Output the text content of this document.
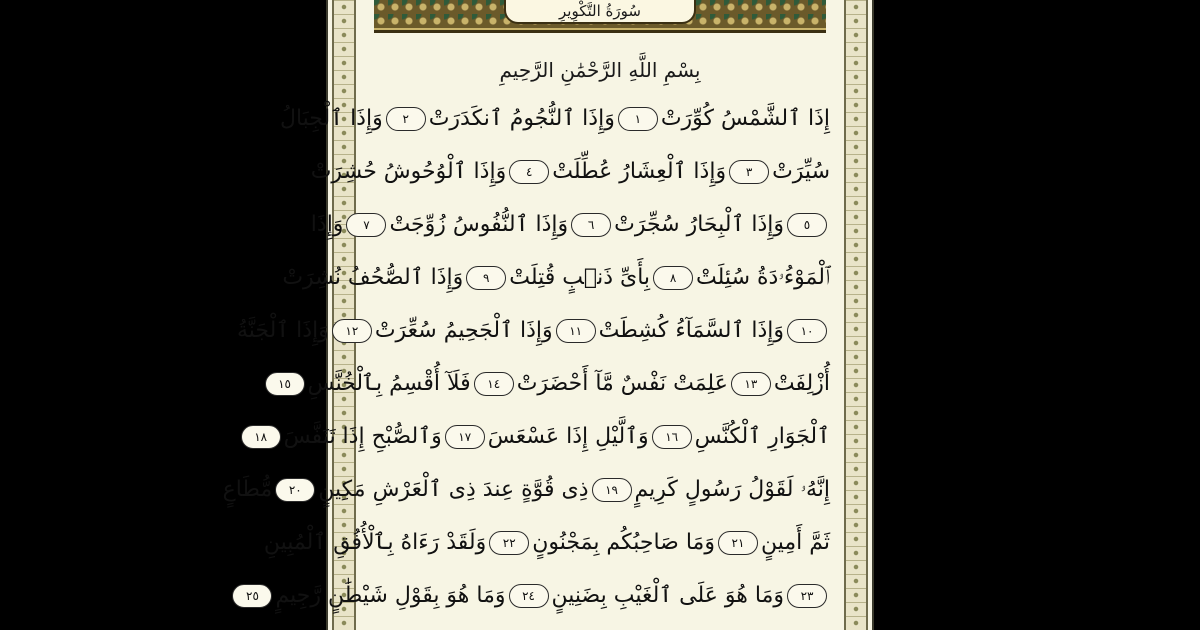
سُورَةُ التَّكْوِيرِ
بِسْمِ اللَّهِ الرَّحْمَٰنِ الرَّحِيمِ
إِذَا ٱلشَّمْسُ كُوِّرَتْ
١
وَإِذَا ٱلنُّجُومُ ٱنكَدَرَتْ
٢
وَإِذَا ٱلْجِبَالُ
سُيِّرَتْ
٣
وَإِذَا ٱلْعِشَارُ عُطِّلَتْ
٤
وَإِذَا ٱلْوُحُوشُ حُشِرَتْ
٥
وَإِذَا ٱلْبِحَارُ سُجِّرَتْ
٦
وَإِذَا ٱلنُّفُوسُ زُوِّجَتْ
٧
وَإِذَا
ٱلْمَوْءُۥدَةُ سُئِلَتْ
٨
بِأَىِّ ذَنۢبٍ قُتِلَتْ
٩
وَإِذَا ٱلصُّحُفُ نُشِرَتْ
١٠
وَإِذَا ٱلسَّمَآءُ كُشِطَتْ
١١
وَإِذَا ٱلْجَحِيمُ سُعِّرَتْ
١٢
وَإِذَا ٱلْجَنَّةُ
أُزْلِفَتْ
١٣
عَلِمَتْ نَفْسٌ مَّآ أَحْضَرَتْ
١٤
فَلَآ أُقْسِمُ بِٱلْخُنَّسِ
١٥
ٱلْجَوَارِ ٱلْكُنَّسِ
١٦
وَٱلَّيْلِ إِذَا عَسْعَسَ
١٧
وَٱلصُّبْحِ إِذَا تَنَفَّسَ
١٨
إِنَّهُۥ لَقَوْلُ رَسُولٍ كَرِيمٍ
١٩
ذِى قُوَّةٍ عِندَ ذِى ٱلْعَرْشِ مَكِينٍ
٢٠
مُّطَاعٍ
ثَمَّ أَمِينٍ
٢١
وَمَا صَاحِبُكُم بِمَجْنُونٍ
٢٢
وَلَقَدْ رَءَاهُ بِٱلْأُفُقِ ٱلْمُبِينِ
٢٣
وَمَا هُوَ عَلَى ٱلْغَيْبِ بِضَنِينٍ
٢٤
وَمَا هُوَ بِقَوْلِ شَيْطَٰنٍ رَّجِيمٍ
٢٥
